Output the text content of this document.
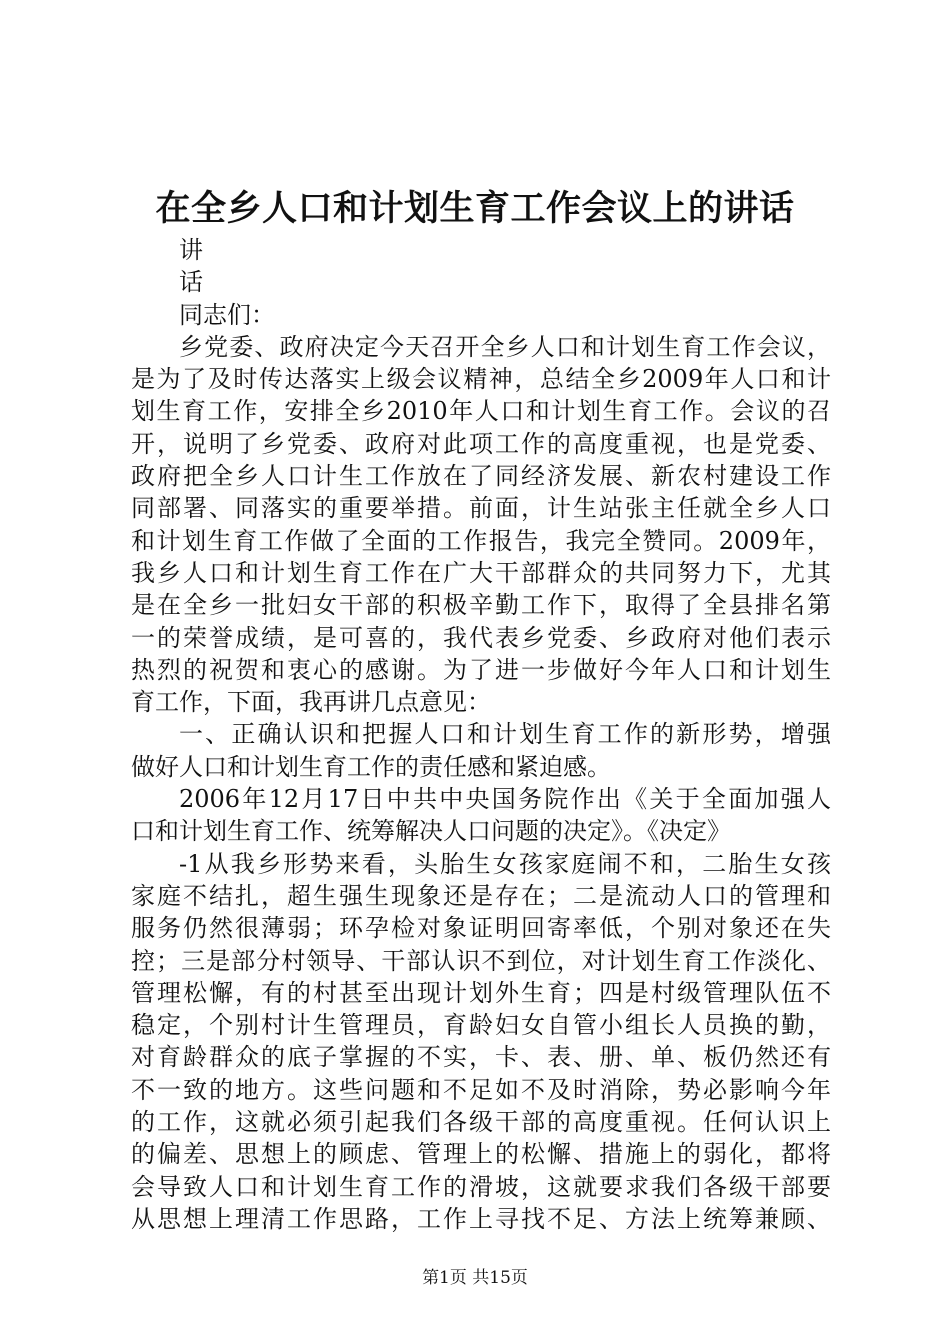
在全乡人口和计划生育工作会议上的讲话
讲
话
同志们：
乡党委、政府决定今天召开全乡人口和计划生育工作会议，
是为了及时传达落实上级会议精神，总结全乡2009年人口和计
划生育工作，安排全乡2010年人口和计划生育工作。会议的召
开，说明了乡党委、政府对此项工作的高度重视，也是党委、
政府把全乡人口计生工作放在了同经济发展、新农村建设工作
同部署、同落实的重要举措。前面，计生站张主任就全乡人口
和计划生育工作做了全面的工作报告，我完全赞同。2009年，
我乡人口和计划生育工作在广大干部群众的共同努力下，尤其
是在全乡一批妇女干部的积极辛勤工作下，取得了全县排名第
一的荣誉成绩，是可喜的，我代表乡党委、乡政府对他们表示
热烈的祝贺和衷心的感谢。为了进一步做好今年人口和计划生
育工作，下面，我再讲几点意见：
一、正确认识和把握人口和计划生育工作的新形势，增强
做好人口和计划生育工作的责任感和紧迫感。
2006年12月17日中共中央国务院作出《关于全面加强人
口和计划生育工作、统筹解决人口问题的决定》。《决定》
-1从我乡形势来看，头胎生女孩家庭闹不和，二胎生女孩
家庭不结扎，超生强生现象还是存在；二是流动人口的管理和
服务仍然很薄弱；环孕检对象证明回寄率低，个别对象还在失
控；三是部分村领导、干部认识不到位，对计划生育工作淡化、
管理松懈，有的村甚至出现计划外生育；四是村级管理队伍不
稳定，个别村计生管理员，育龄妇女自管小组长人员换的勤，
对育龄群众的底子掌握的不实，卡、表、册、单、板仍然还有
不一致的地方。这些问题和不足如不及时消除，势必影响今年
的工作，这就必须引起我们各级干部的高度重视。任何认识上
的偏差、思想上的顾虑、管理上的松懈、措施上的弱化，都将
会导致人口和计划生育工作的滑坡，这就要求我们各级干部要
从思想上理清工作思路，工作上寻找不足、方法上统筹兼顾、
第1页 共15页
